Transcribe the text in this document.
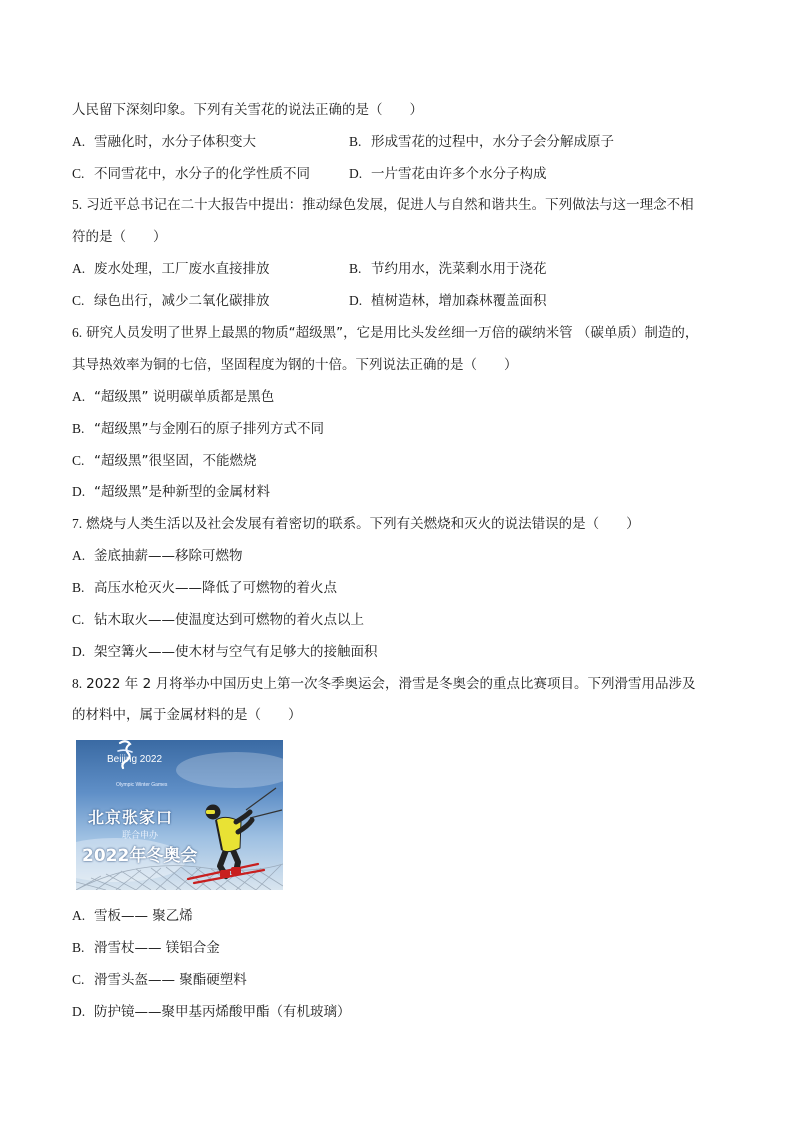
人民留下深刻印象。下列有关雪花的说法正确的是（　　）
A. 雪融化时，水分子体积变大	B. 形成雪花的过程中，水分子会分解成原子
C. 不同雪花中，水分子的化学性质不同	D. 一片雪花由许多个水分子构成
5. 习近平总书记在二十大报告中提出：推动绿色发展，促进人与自然和谐共生。下列做法与这一理念不相
符的是（　　）
A. 废水处理，工厂废水直接排放	B. 节约用水，洗菜剩水用于浇花
C. 绿色出行，减少二氧化碳排放	D. 植树造林，增加森林覆盖面积
6. 研究人员发明了世界上最黑的物质“超级黑”，它是用比头发丝细一万倍的碳纳米管 （碳单质）制造的，
其导热效率为铜的七倍，坚固程度为钢的十倍。下列说法正确的是（　　）
A. “超级黑” 说明碳单质都是黑色
B. “超级黑”与金刚石的原子排列方式不同
C. “超级黑”很坚固，不能燃烧
D. “超级黑”是种新型的金属材料
7. 燃烧与人类生活以及社会发展有着密切的联系。下列有关燃烧和灭火的说法错误的是（　　）
A. 釜底抽薪——移除可燃物
B. 高压水枪灭火——降低了可燃物的着火点
C. 钻木取火——使温度达到可燃物的着火点以上
D. 架空篝火——使木材与空气有足够大的接触面积
8. 2022 年 2 月将举办中国历史上第一次冬季奥运会，滑雪是冬奥会的重点比赛项目。下列滑雪用品涉及
的材料中，属于金属材料的是（　　）
Beijing 2022
Olympic Winter Games
北京张家口
联合申办
2022年冬奥会
A. 雪板—— 聚乙烯
B. 滑雪杖—— 镁铝合金
C. 滑雪头盔—— 聚酯硬塑料
D. 防护镜——聚甲基丙烯酸甲酯（有机玻璃）
